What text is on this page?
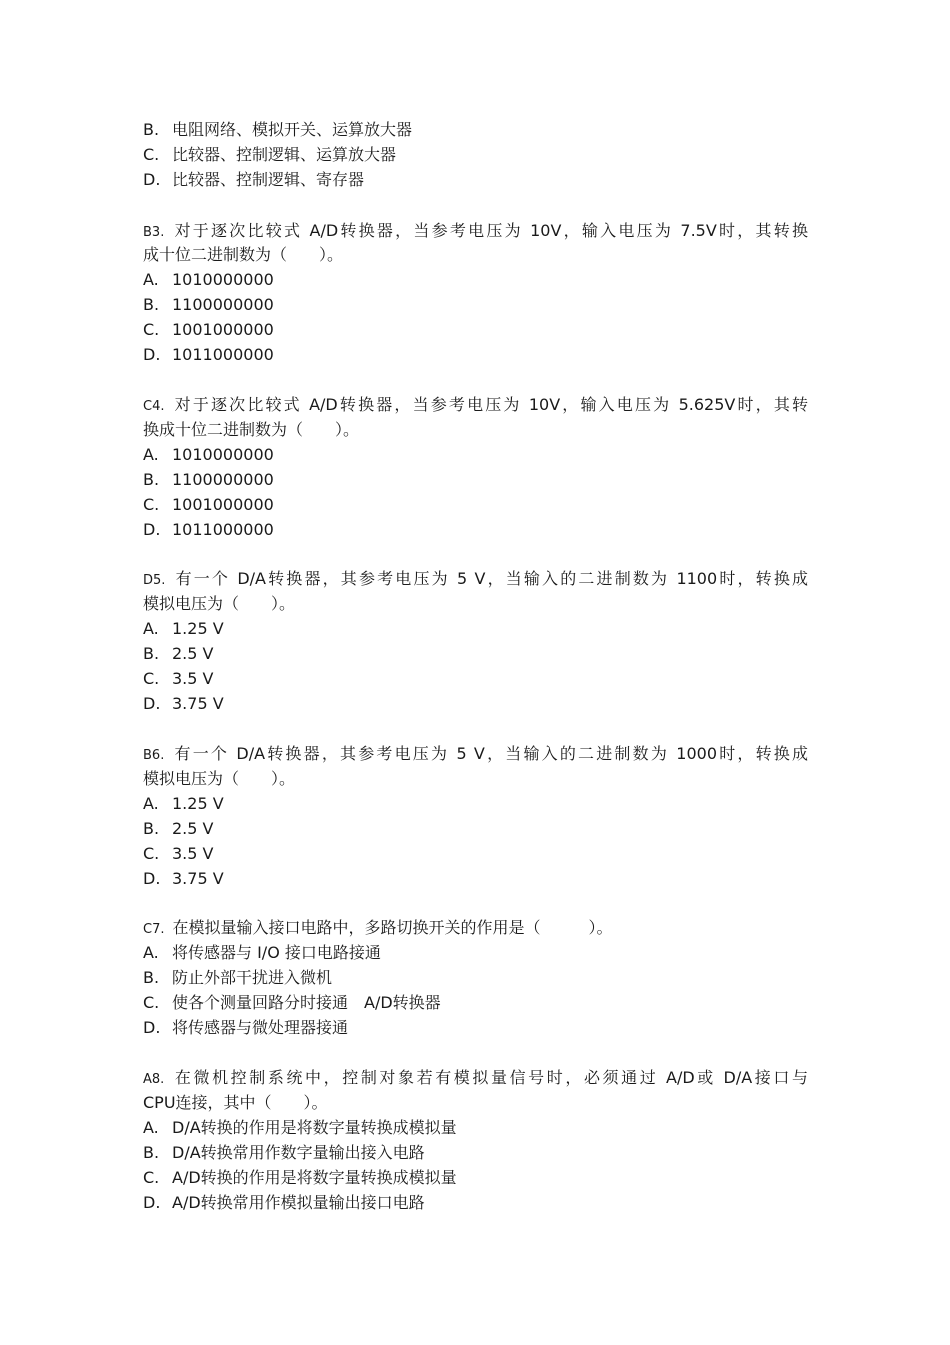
B. 电阻网络、模拟开关、运算放大器
C. 比较器、控制逻辑、运算放大器
D. 比较器、控制逻辑、寄存器
B3. 对于逐次比较式 A/D转换器，当参考电压为 10V，输入电压为 7.5V时，其转换
成十位二进制数为（　　）。
A. 1010000000
B. 1100000000
C. 1001000000
D. 1011000000
C4. 对于逐次比较式 A/D转换器，当参考电压为 10V，输入电压为 5.625V时，其转
换成十位二进制数为（　　）。
A. 1010000000
B. 1100000000
C. 1001000000
D. 1011000000
D5. 有一个 D/A转换器，其参考电压为 5 V，当输入的二进制数为 1100时，转换成
模拟电压为（　　）。
A. 1.25 V
B. 2.5 V
C. 3.5 V
D. 3.75 V
B6. 有一个 D/A转换器，其参考电压为 5 V，当输入的二进制数为 1000时，转换成
模拟电压为（　　）。
A. 1.25 V
B. 2.5 V
C. 3.5 V
D. 3.75 V
C7. 在模拟量输入接口电路中，多路切换开关的作用是（　　　）。
A. 将传感器与 I/O 接口电路接通
B. 防止外部干扰进入微机
C. 使各个测量回路分时接通　A/D转换器
D. 将传感器与微处理器接通
A8. 在微机控制系统中，控制对象若有模拟量信号时，必须通过 A/D或 D/A接口与
CPU连接，其中（　　）。
A. D/A转换的作用是将数字量转换成模拟量
B. D/A转换常用作数字量输出接入电路
C. A/D转换的作用是将数字量转换成模拟量
D. A/D转换常用作模拟量输出接口电路
